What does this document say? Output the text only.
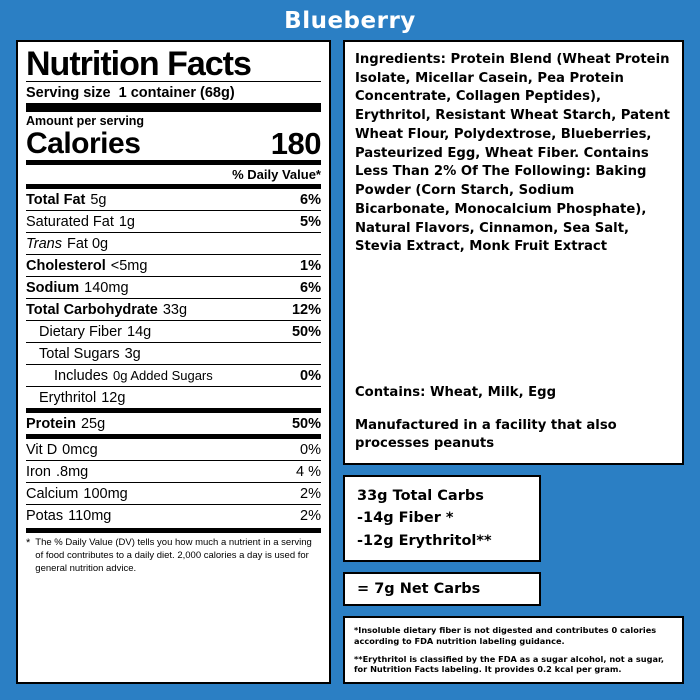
Blueberry
Nutrition Facts
Serving size 1 container (68g)
Amount per serving
Calories	180
% Daily Value*
Total Fat 5g	6%
Saturated Fat 1g	5%
Trans Fat 0g
Cholesterol <5mg	1%
Sodium 140mg	6%
Total Carbohydrate 33g	12%
Dietary Fiber 14g	50%
Total Sugars 3g
Includes 0g Added Sugars	0%
Erythritol 12g
Protein 25g	50%
Vit D 0mcg	0%
Iron .8mg	4 %
Calcium 100mg	2%
Potas 110mg	2%
* The % Daily Value (DV) tells you how much a nutrient in a serving of food contributes to a daily diet. 2,000 calories a day is used for general nutrition advice.
Ingredients: Protein Blend (Wheat Protein Isolate, Micellar Casein, Pea Protein Concentrate, Collagen Peptides), Erythritol, Resistant Wheat Starch, Patent Wheat Flour, Polydextrose, Blueberries, Pasteurized Egg, Wheat Fiber. Contains Less Than 2% Of The Following: Baking Powder (Corn Starch, Sodium Bicarbonate, Monocalcium Phosphate), Natural Flavors, Cinnamon, Sea Salt, Stevia Extract, Monk Fruit Extract
Contains: Wheat, Milk, Egg
Manufactured in a facility that also processes peanuts
33g Total Carbs
-14g Fiber *
-12g Erythritol**
= 7g Net Carbs

*Insoluble dietary fiber is not digested and contributes 0 calories according to FDA nutrition labeling guidance.

**Erythritol is classified by the FDA as a sugar alcohol, not a sugar, for Nutrition Facts labeling. It provides 0.2 kcal per gram.
